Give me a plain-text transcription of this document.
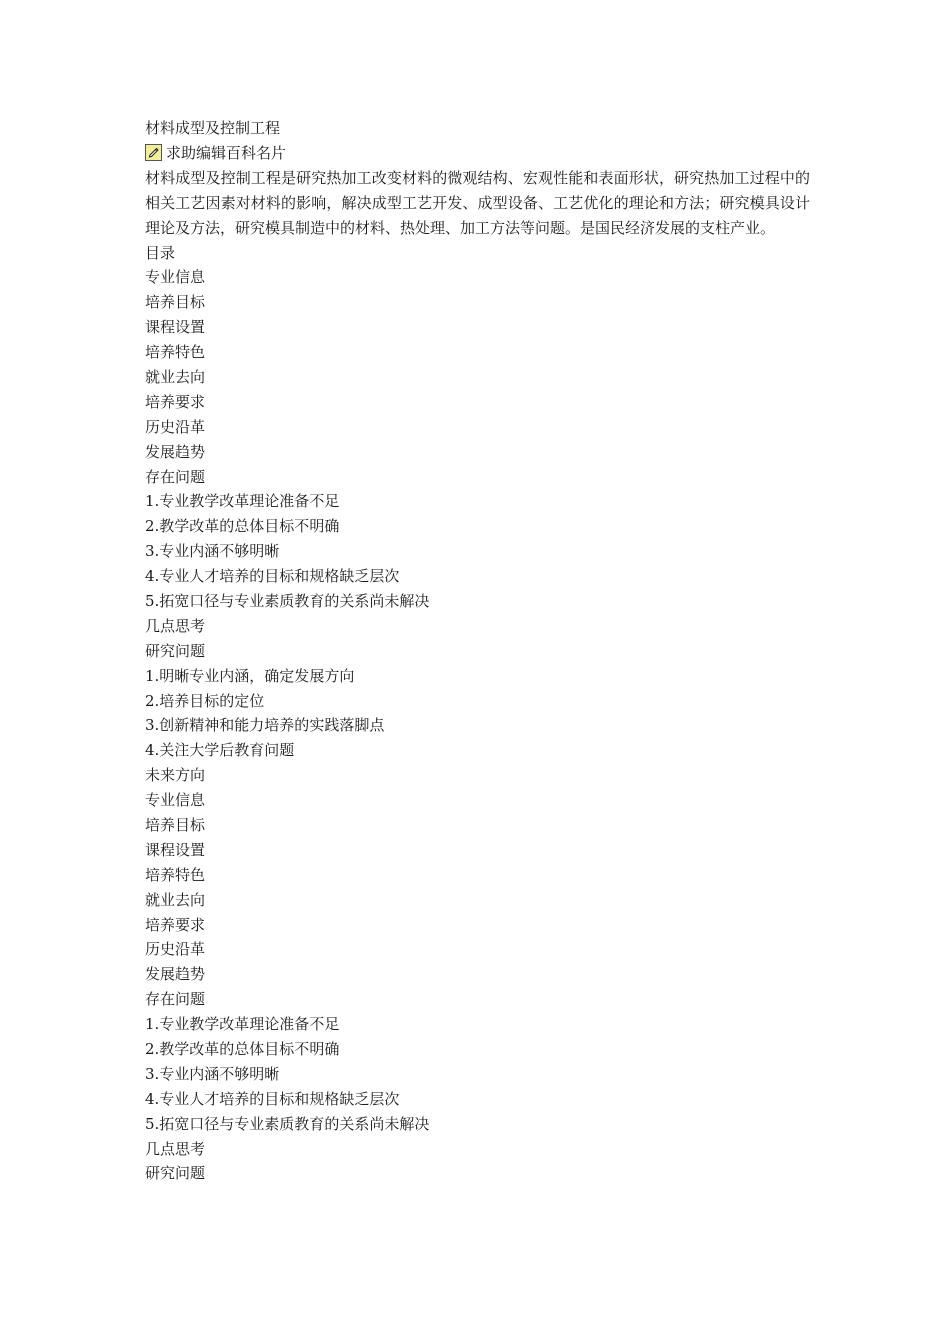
材料成型及控制工程
求助编辑百科名片
材料成型及控制工程是研究热加工改变材料的微观结构、宏观性能和表面形状，研究热加工过程中的相关工艺因素对材料的影响，解决成型工艺开发、成型设备、工艺优化的理论和方法；研究模具设计理论及方法，研究模具制造中的材料、热处理、加工方法等问题。是国民经济发展的支柱产业。
目录
专业信息
培养目标
课程设置
培养特色
就业去向
培养要求
历史沿革
发展趋势
存在问题
1.专业教学改革理论准备不足
2.教学改革的总体目标不明确
3.专业内涵不够明晰
4.专业人才培养的目标和规格缺乏层次
5.拓宽口径与专业素质教育的关系尚未解决
几点思考
研究问题
1.明晰专业内涵，确定发展方向
2.培养目标的定位
3.创新精神和能力培养的实践落脚点
4.关注大学后教育问题
未来方向
专业信息
培养目标
课程设置
培养特色
就业去向
培养要求
历史沿革
发展趋势
存在问题
1.专业教学改革理论准备不足
2.教学改革的总体目标不明确
3.专业内涵不够明晰
4.专业人才培养的目标和规格缺乏层次
5.拓宽口径与专业素质教育的关系尚未解决
几点思考
研究问题
